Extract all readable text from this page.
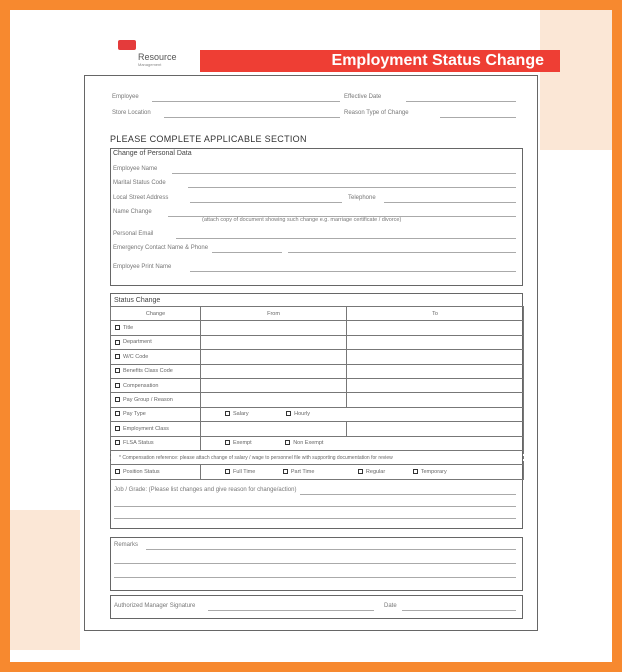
Resource
Management	Employment Status Change
Employee	Effective Date
Store Location	Reason Type of Change
PLEASE COMPLETE APPLICABLE SECTION
Change of Personal Data
Employee Name
Marital Status Code
Local Street Address	Telephone
Name Change
(attach copy of document showing such change e.g. marriage certificate / divorce)
Personal Email
Emergency Contact Name & Phone
Employee Print Name
Status Change
Change	From	To
Title		
Department		
W/C Code		
Benefits Class Code		
Compensation		
Pay Group / Reason		
Pay Type	Salary Hourly	
Employment Class		
FLSA Status	Exempt Non Exempt	
* Compensation reference: please attach change of salary / wage to personnel file with supporting documentation for review		
Position Status	Full Time Part Time Regular Temporary	
Job / Grade: (Please list changes and give reason for change/action)
Remarks
Authorized Manager Signature	Date
